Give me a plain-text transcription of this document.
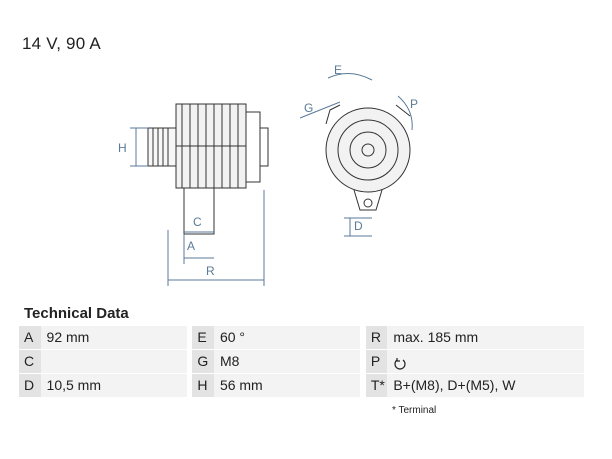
14 V, 90 A
H
C
A
R
E
G	P
D
Technical Data
A 92 mm	E 60 °	R max. 185 mm
C	G M8	P
D 10,5 mm	H 56 mm	T* B+(M8), D+(M5), W
* Terminal
